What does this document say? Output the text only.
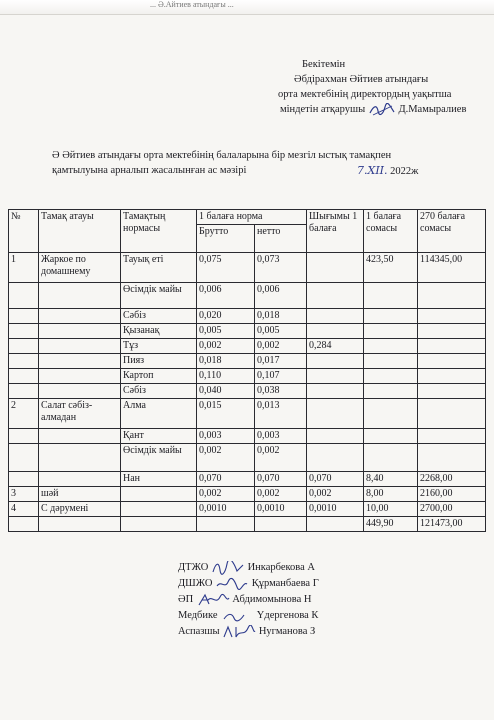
... Ә.Айтиев атындағы ...
Бекітемін
Әбдірахман Әйтиев атындағы
орта мектебінің директордың уақытша
міндетін атқарушы	Д.Мамыралиев
Ә Әйтиев атындағы орта мектебінің балаларына бір мезгіл ыстық тамақпен
қамтылуына арналып жасалынған ас мәзірі	7.XII. 2022ж
№	Тамақ атауы	Тамақтың нормасы	1 балаға норма		Шығымы 1 балаға	1 балаға сомасы	270 балаға сомасы
			Брутто	нетто			
1	Жаркое по домашнему	Тауық еті	0,075	0,073		423,50	114345,00
		Өсімдік майы	0,006	0,006			
		Сәбіз	0,020	0,018			
		Қызанақ	0,005	0,005			
		Тұз	0,002	0,002	0,284		
		Пияз	0,018	0,017			
		Картоп	0,110	0,107			
		Сәбіз	0,040	0,038			
2	Салат сәбіз-алмадан	Алма	0,015	0,013			
		Қант	0,003	0,003			
		Өсімдік майы	0,002	0,002			
		Нан	0,070	0,070	0,070	8,40	2268,00
3	шәй		0,002	0,002	0,002	8,00	2160,00
4	С дәрумені		0,0010	0,0010	0,0010	10,00	2700,00
						449,90	121473,00
ДТЖО	Инкарбекова А
ДШЖО	Құрманбаева Г
ӘП	Абдимомынова Н
Медбике	Үдергенова К
Аспазшы	Нугманова З
